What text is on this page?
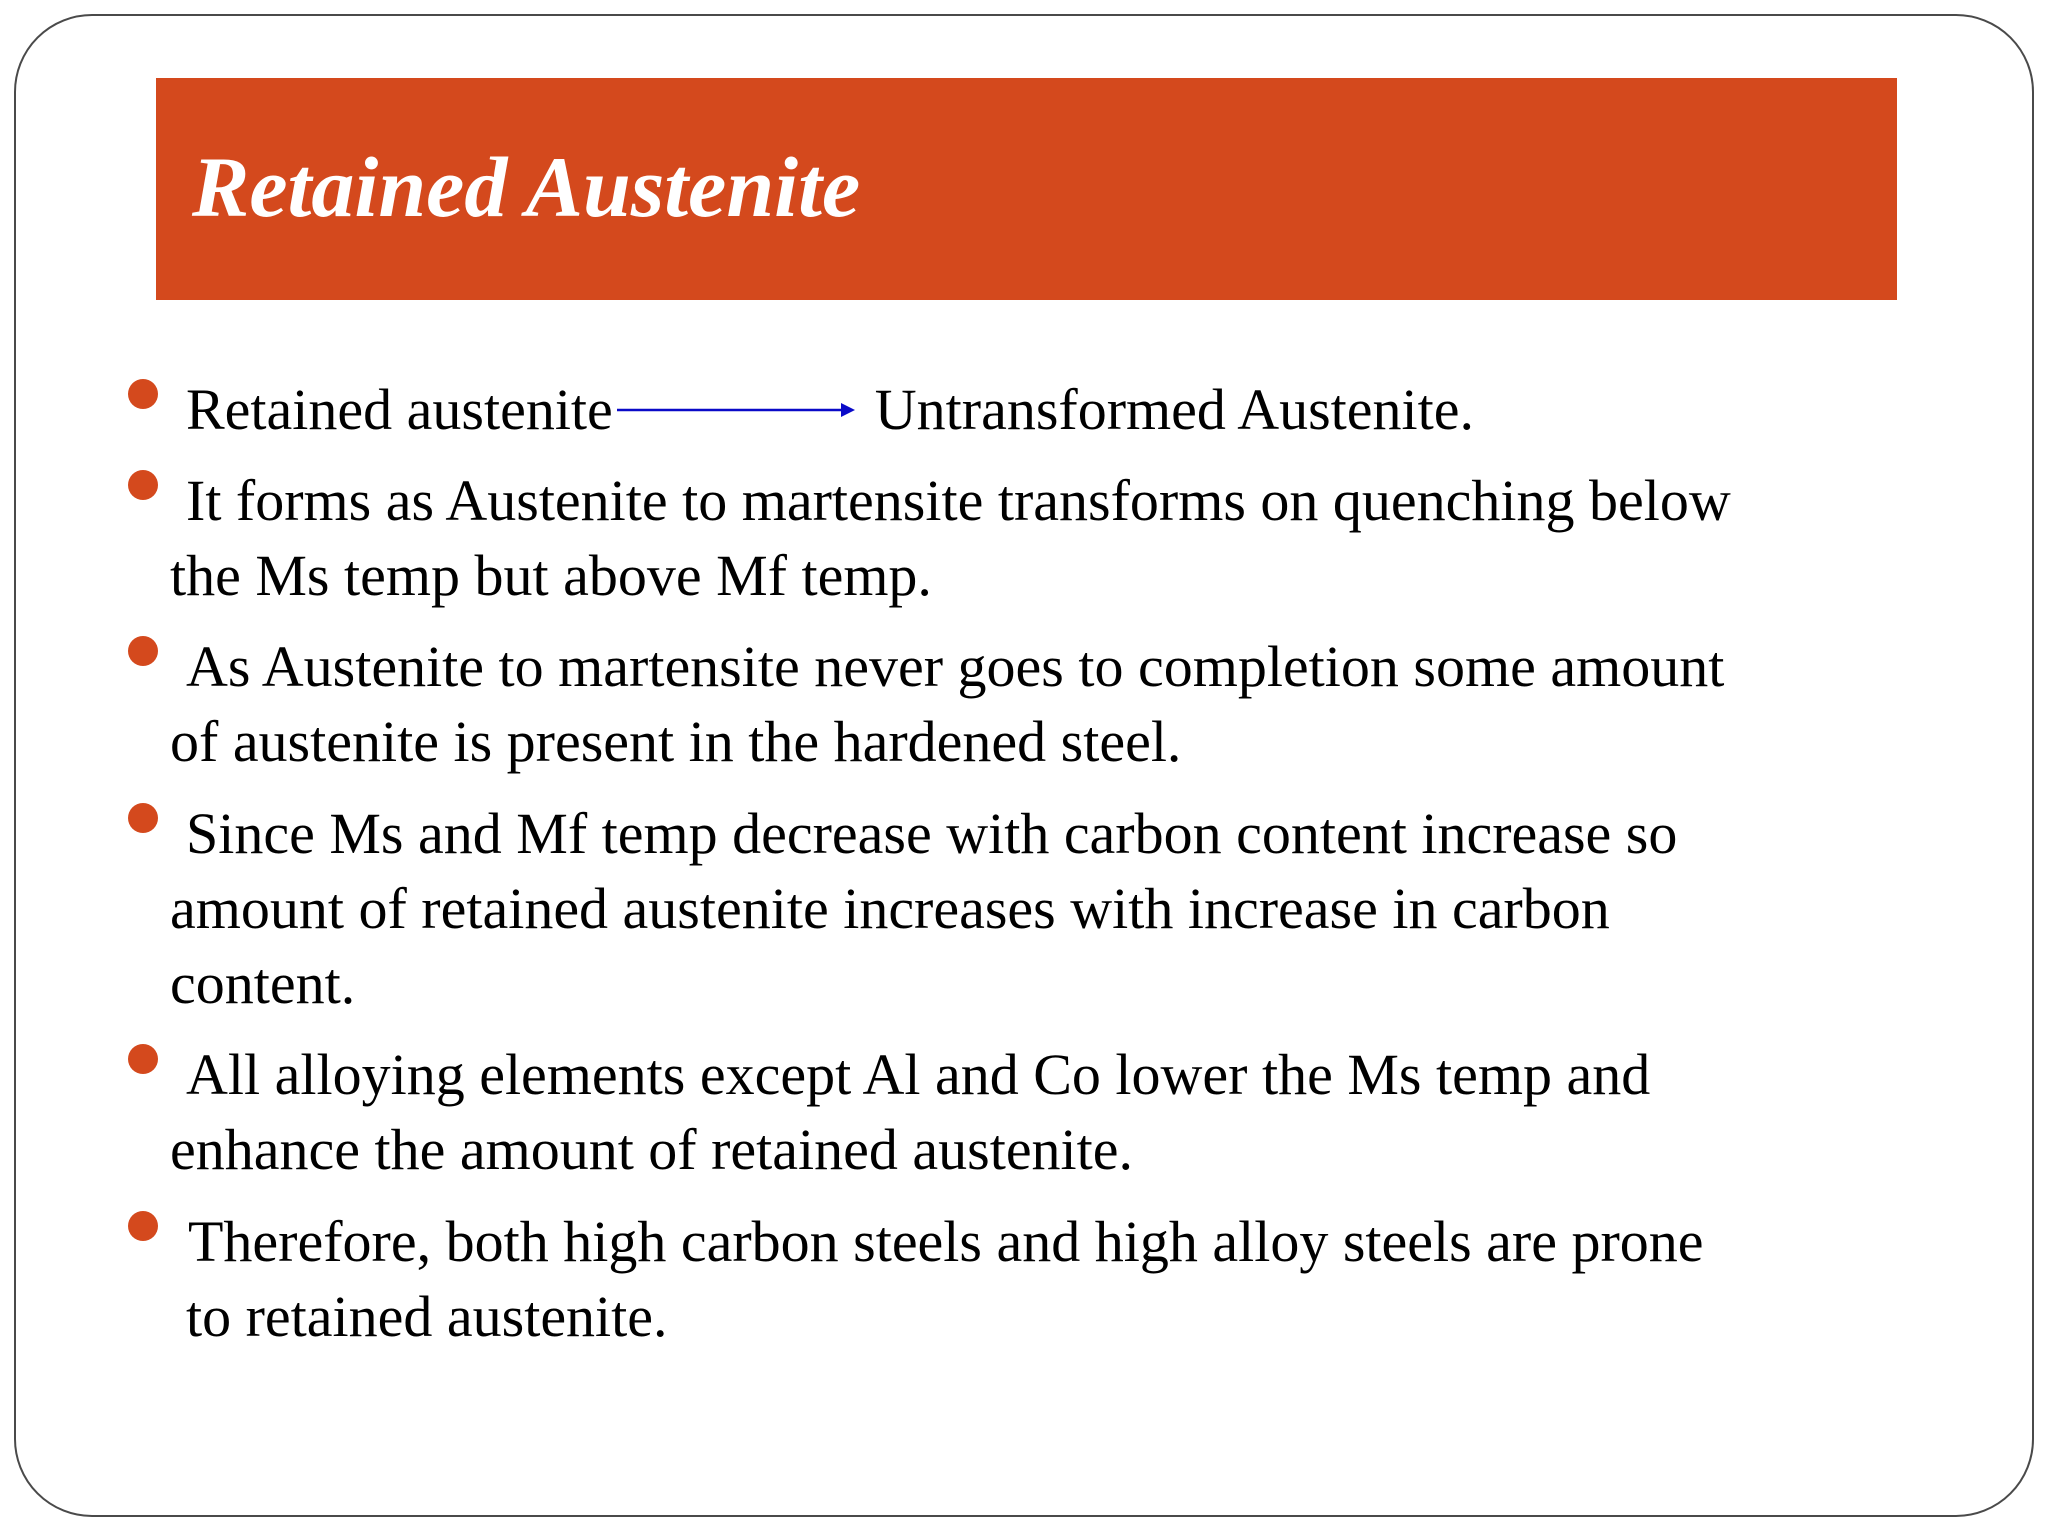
Retained Austenite
Retained austenite	Untransformed Austenite.
It forms as Austenite to martensite transforms on quenching below
the Ms temp but above Mf temp.
As Austenite to martensite never goes to completion some amount
of austenite is present in the hardened steel.
Since Ms and Mf temp decrease with carbon content increase so
amount of retained austenite increases with increase in carbon
content.
All alloying elements except Al and Co lower the Ms temp and
enhance the amount of retained austenite.
Therefore, both high carbon steels and high alloy steels are prone
to retained austenite.
